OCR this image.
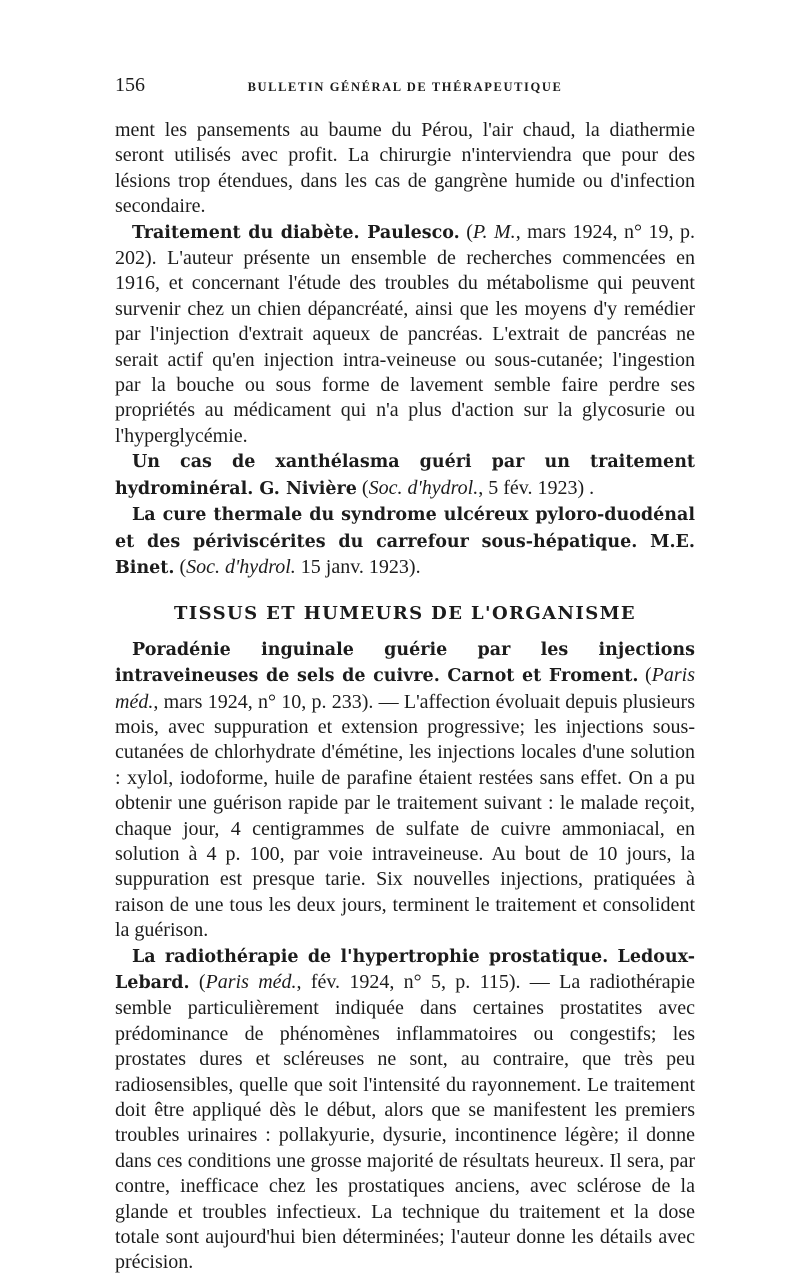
156	BULLETIN GÉNÉRAL DE THÉRAPEUTIQUE

ment les pansements au baume du Pérou, l'air chaud, la diathermie seront utilisés avec profit. La chirurgie n'interviendra que pour des lésions trop étendues, dans les cas de gangrène humide ou d'infection secondaire.

Traitement du diabète. Paulesco. (P. M., mars 1924, n° 19, p. 202). L'auteur présente un ensemble de recherches commencées en 1916, et concernant l'étude des troubles du métabolisme qui peuvent survenir chez un chien dépancréaté, ainsi que les moyens d'y remédier par l'injection d'extrait aqueux de pancréas. L'extrait de pancréas ne serait actif qu'en injection intra-veineuse ou sous-cutanée; l'ingestion par la bouche ou sous forme de lavement semble faire perdre ses propriétés au médicament qui n'a plus d'action sur la glycosurie ou l'hyperglycémie.

Un cas de xanthélasma guéri par un traitement hydrominéral. G. Nivière (Soc. d'hydrol., 5 fév. 1923) .

La cure thermale du syndrome ulcéreux pyloro-duodénal et des périviscérites du carrefour sous-hépatique. M.E. Binet. (Soc. d'hydrol. 15 janv. 1923).

TISSUS ET HUMEURS DE L'ORGANISME

Poradénie inguinale guérie par les injections intraveineuses de sels de cuivre. Carnot et Froment. (Paris méd., mars 1924, n° 10, p. 233). — L'affection évoluait depuis plusieurs mois, avec suppuration et extension progressive; les injections sous-cutanées de chlorhydrate d'émétine, les injections locales d'une solution : xylol, iodoforme, huile de parafine étaient restées sans effet. On a pu obtenir une guérison rapide par le traitement suivant : le malade reçoit, chaque jour, 4 centigrammes de sulfate de cuivre ammoniacal, en solution à 4 p. 100, par voie intraveineuse. Au bout de 10 jours, la suppuration est presque tarie. Six nouvelles injections, pratiquées à raison de une tous les deux jours, terminent le traitement et consolident la guérison.

La radiothérapie de l'hypertrophie prostatique. Ledoux-Lebard. (Paris méd., fév. 1924, n° 5, p. 115). — La radiothérapie semble particulièrement indiquée dans certaines prostatites avec prédominance de phénomènes inflammatoires ou congestifs; les prostates dures et scléreuses ne sont, au contraire, que très peu radiosensibles, quelle que soit l'intensité du rayonnement. Le traitement doit être appliqué dès le début, alors que se manifestent les premiers troubles urinaires : pollakyurie, dysurie, incontinence légère; il donne dans ces conditions une grosse majorité de résultats heureux. Il sera, par contre, inefficace chez les prostatiques anciens, avec sclérose de la glande et troubles infectieux. La technique du traitement et la dose totale sont aujourd'hui bien déterminées; l'auteur donne les détails avec précision.
